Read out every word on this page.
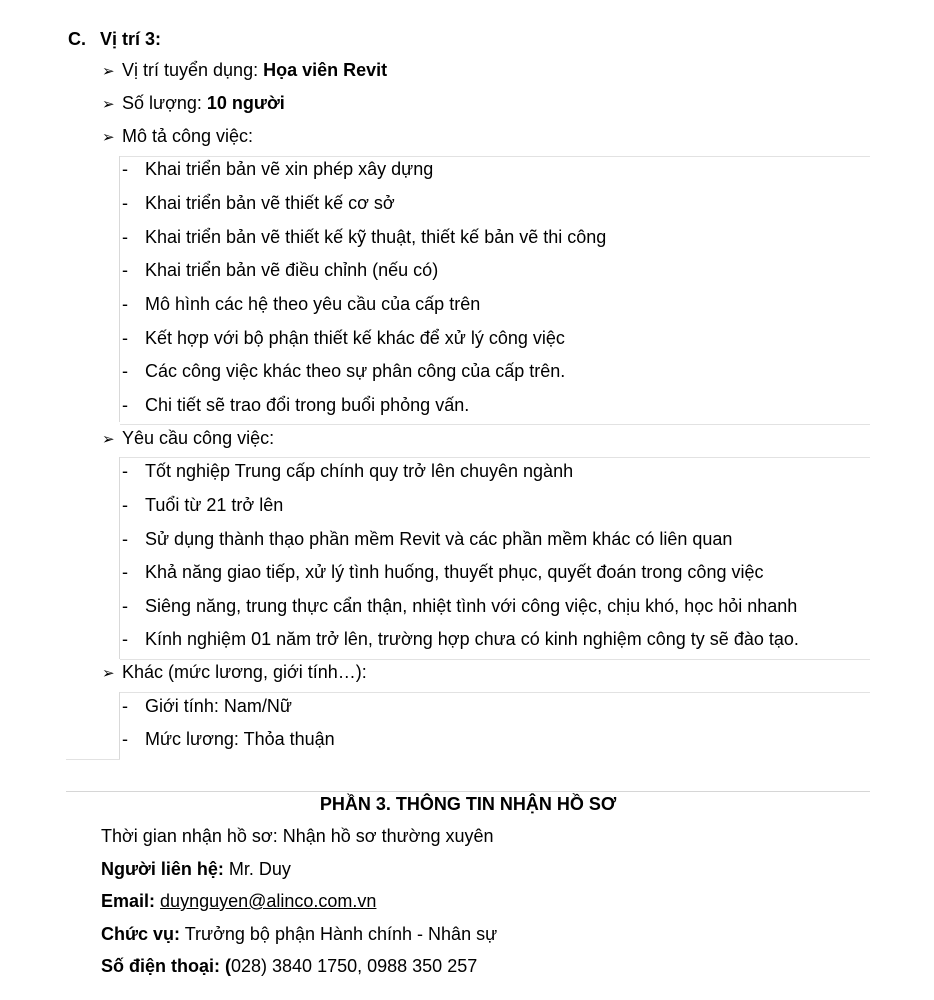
C. Vị trí 3:
➢ Vị trí tuyển dụng: Họa viên Revit
➢ Số lượng: 10 người
➢ Mô tả công việc:
- Khai triển bản vẽ xin phép xây dựng
- Khai triển bản vẽ thiết kế cơ sở
- Khai triển bản vẽ thiết kế kỹ thuật, thiết kế bản vẽ thi công
- Khai triển bản vẽ điều chỉnh (nếu có)
- Mô hình các hệ theo yêu cầu của cấp trên
- Kết hợp với bộ phận thiết kế khác để xử lý công việc
- Các công việc khác theo sự phân công của cấp trên.
- Chi tiết sẽ trao đổi trong buổi phỏng vấn.
➢ Yêu cầu công việc:
- Tốt nghiệp Trung cấp chính quy trở lên chuyên ngành
- Tuổi từ 21 trở lên
- Sử dụng thành thạo phần mềm Revit và các phần mềm khác có liên quan
- Khả năng giao tiếp, xử lý tình huống, thuyết phục, quyết đoán trong công việc
- Siêng năng, trung thực cẩn thận, nhiệt tình với công việc, chịu khó, học hỏi nhanh
- Kính nghiệm 01 năm trở lên, trường hợp chưa có kinh nghiệm công ty sẽ đào tạo.
➢ Khác (mức lương, giới tính…):
- Giới tính: Nam/Nữ
- Mức lương: Thỏa thuận
PHẦN 3. THÔNG TIN NHẬN HỒ SƠ
Thời gian nhận hồ sơ: Nhận hồ sơ thường xuyên
Người liên hệ: Mr. Duy
Email: duynguyen@alinco.com.vn
Chức vụ: Trưởng bộ phận Hành chính - Nhân sự
Số điện thoại: (028) 3840 1750, 0988 350 257
